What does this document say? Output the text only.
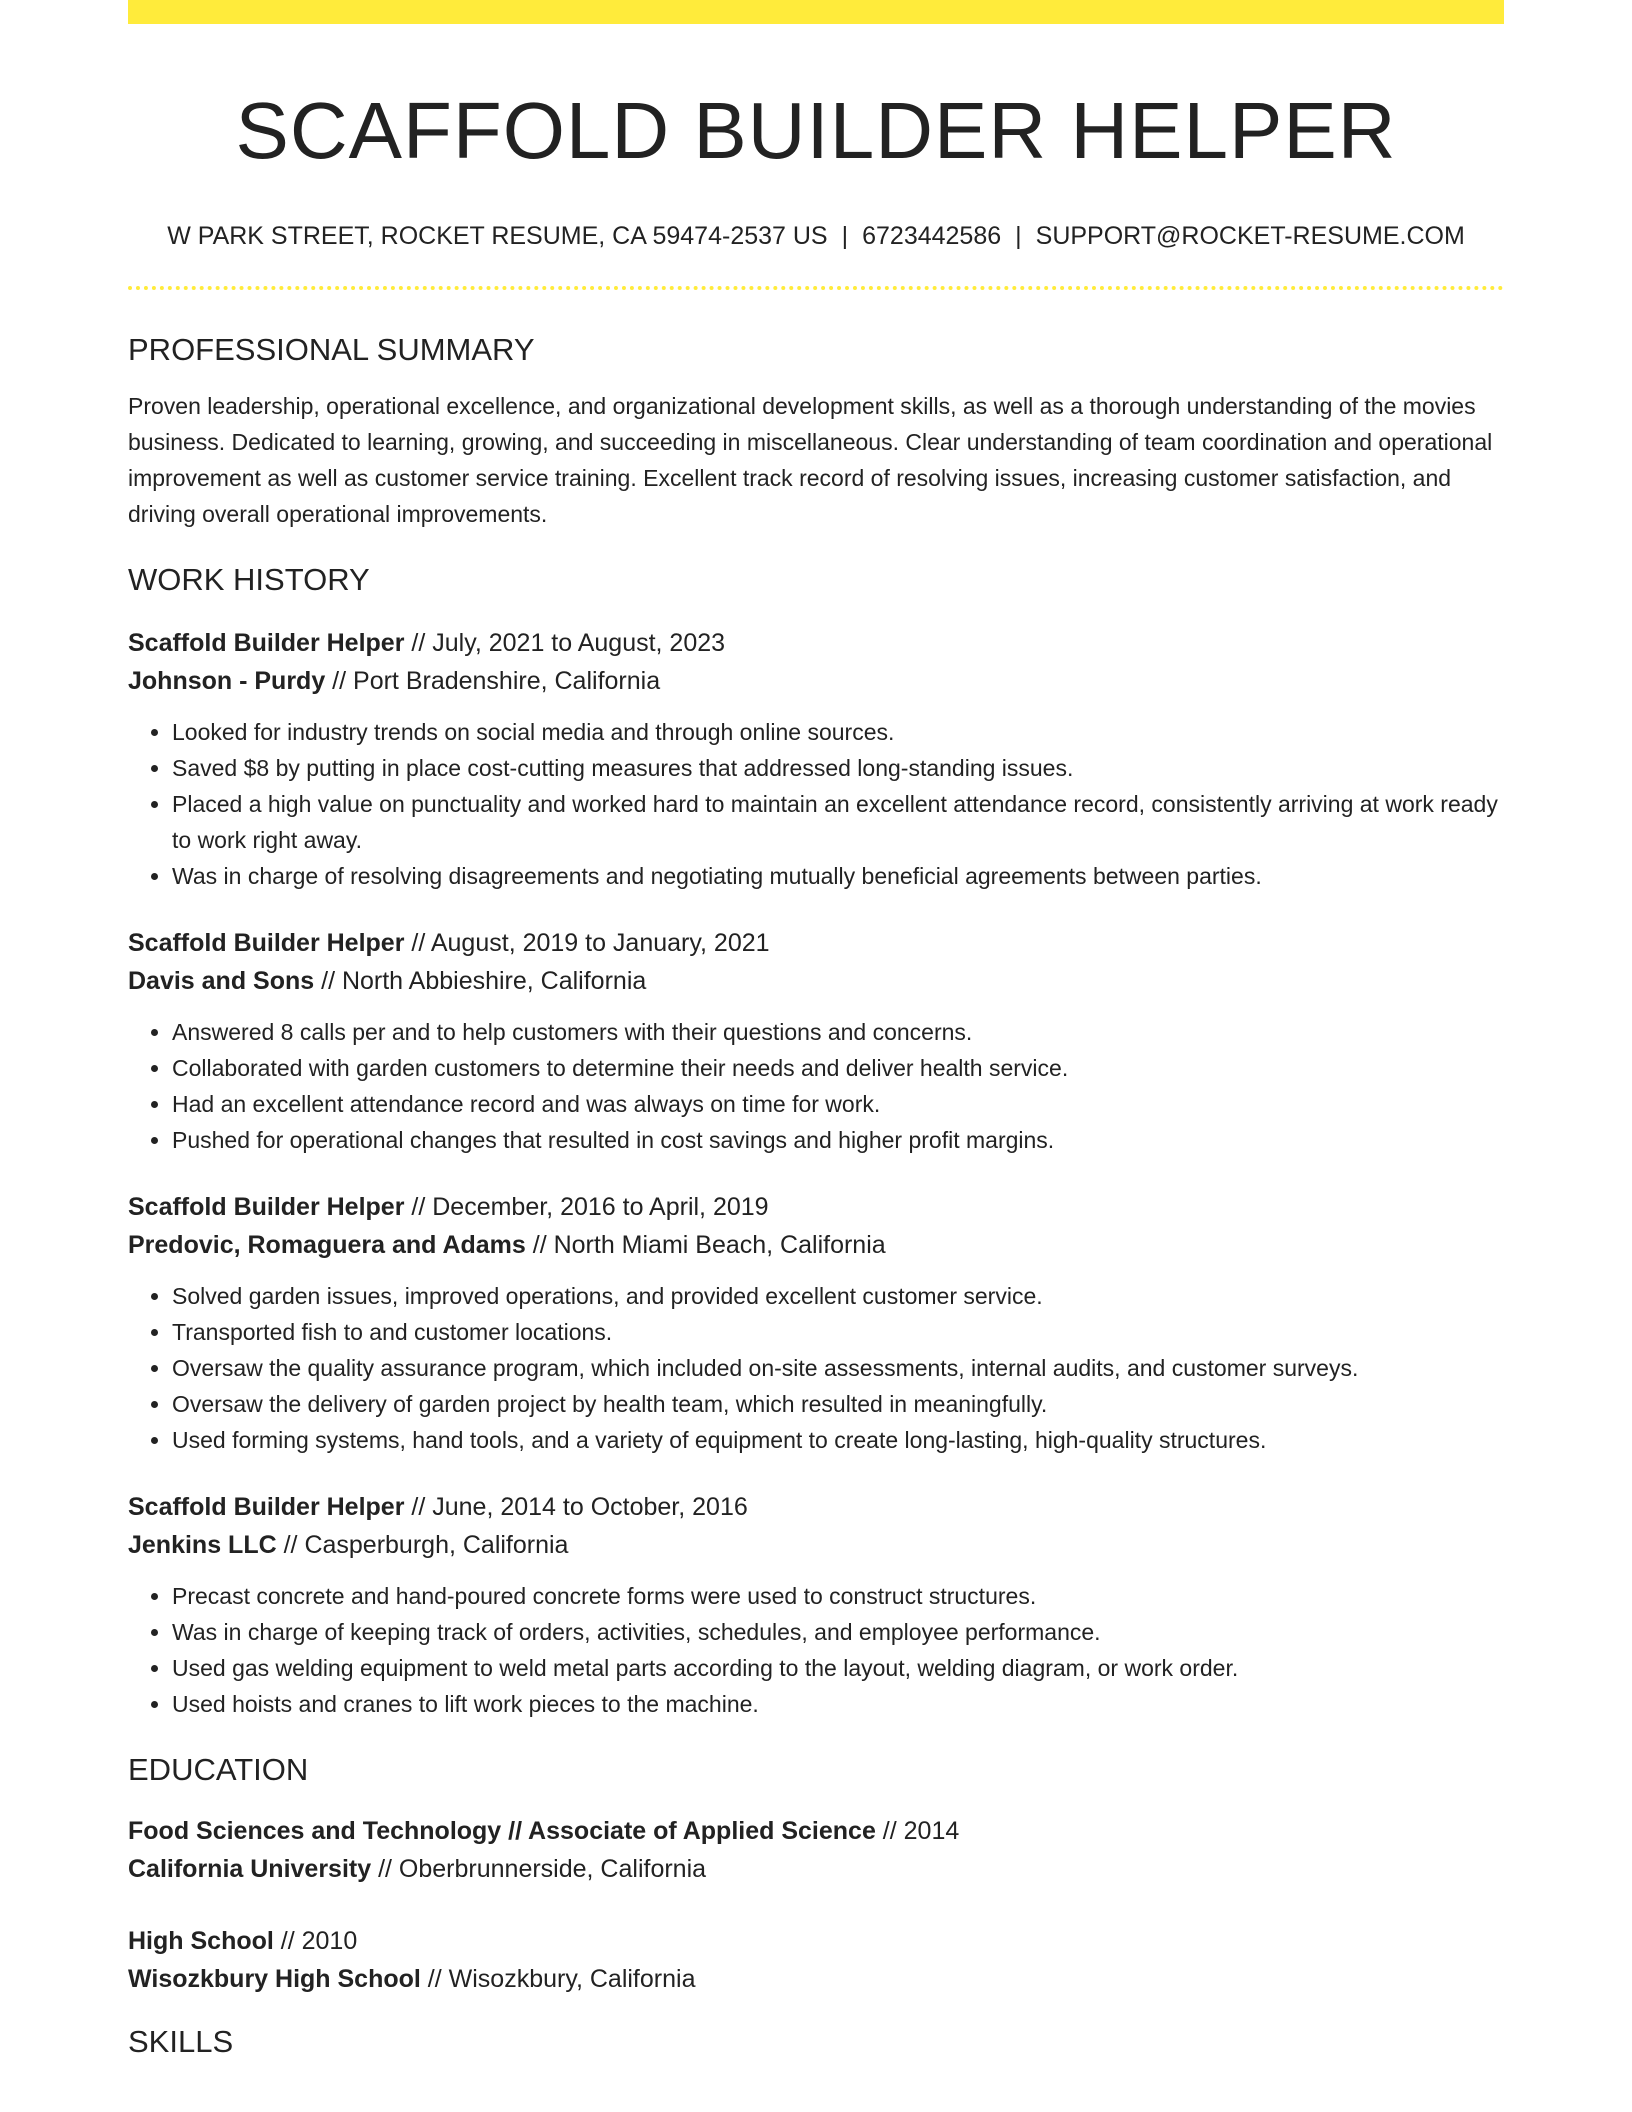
SCAFFOLD BUILDER HELPER
W PARK STREET, ROCKET RESUME, CA 59474-2537 US | 6723442586 | SUPPORT@ROCKET-RESUME.COM
PROFESSIONAL SUMMARY
Proven leadership, operational excellence, and organizational development skills, as well as a thorough understanding of the movies business. Dedicated to learning, growing, and succeeding in miscellaneous. Clear understanding of team coordination and operational improvement as well as customer service training. Excellent track record of resolving issues, increasing customer satisfaction, and driving overall operational improvements.
WORK HISTORY
Scaffold Builder Helper // July, 2021 to August, 2023
Johnson - Purdy // Port Bradenshire, California
• Looked for industry trends on social media and through online sources.
• Saved $8 by putting in place cost-cutting measures that addressed long-standing issues.
• Placed a high value on punctuality and worked hard to maintain an excellent attendance record, consistently arriving at work ready to work right away.
• Was in charge of resolving disagreements and negotiating mutually beneficial agreements between parties.
Scaffold Builder Helper // August, 2019 to January, 2021
Davis and Sons // North Abbieshire, California
• Answered 8 calls per and to help customers with their questions and concerns.
• Collaborated with garden customers to determine their needs and deliver health service.
• Had an excellent attendance record and was always on time for work.
• Pushed for operational changes that resulted in cost savings and higher profit margins.
Scaffold Builder Helper // December, 2016 to April, 2019
Predovic, Romaguera and Adams // North Miami Beach, California
• Solved garden issues, improved operations, and provided excellent customer service.
• Transported fish to and customer locations.
• Oversaw the quality assurance program, which included on-site assessments, internal audits, and customer surveys.
• Oversaw the delivery of garden project by health team, which resulted in meaningfully.
• Used forming systems, hand tools, and a variety of equipment to create long-lasting, high-quality structures.
Scaffold Builder Helper // June, 2014 to October, 2016
Jenkins LLC // Casperburgh, California
• Precast concrete and hand-poured concrete forms were used to construct structures.
• Was in charge of keeping track of orders, activities, schedules, and employee performance.
• Used gas welding equipment to weld metal parts according to the layout, welding diagram, or work order.
• Used hoists and cranes to lift work pieces to the machine.
EDUCATION
Food Sciences and Technology // Associate of Applied Science // 2014
California University // Oberbrunnerside, California
High School // 2010
Wisozkbury High School // Wisozkbury, California
SKILLS
